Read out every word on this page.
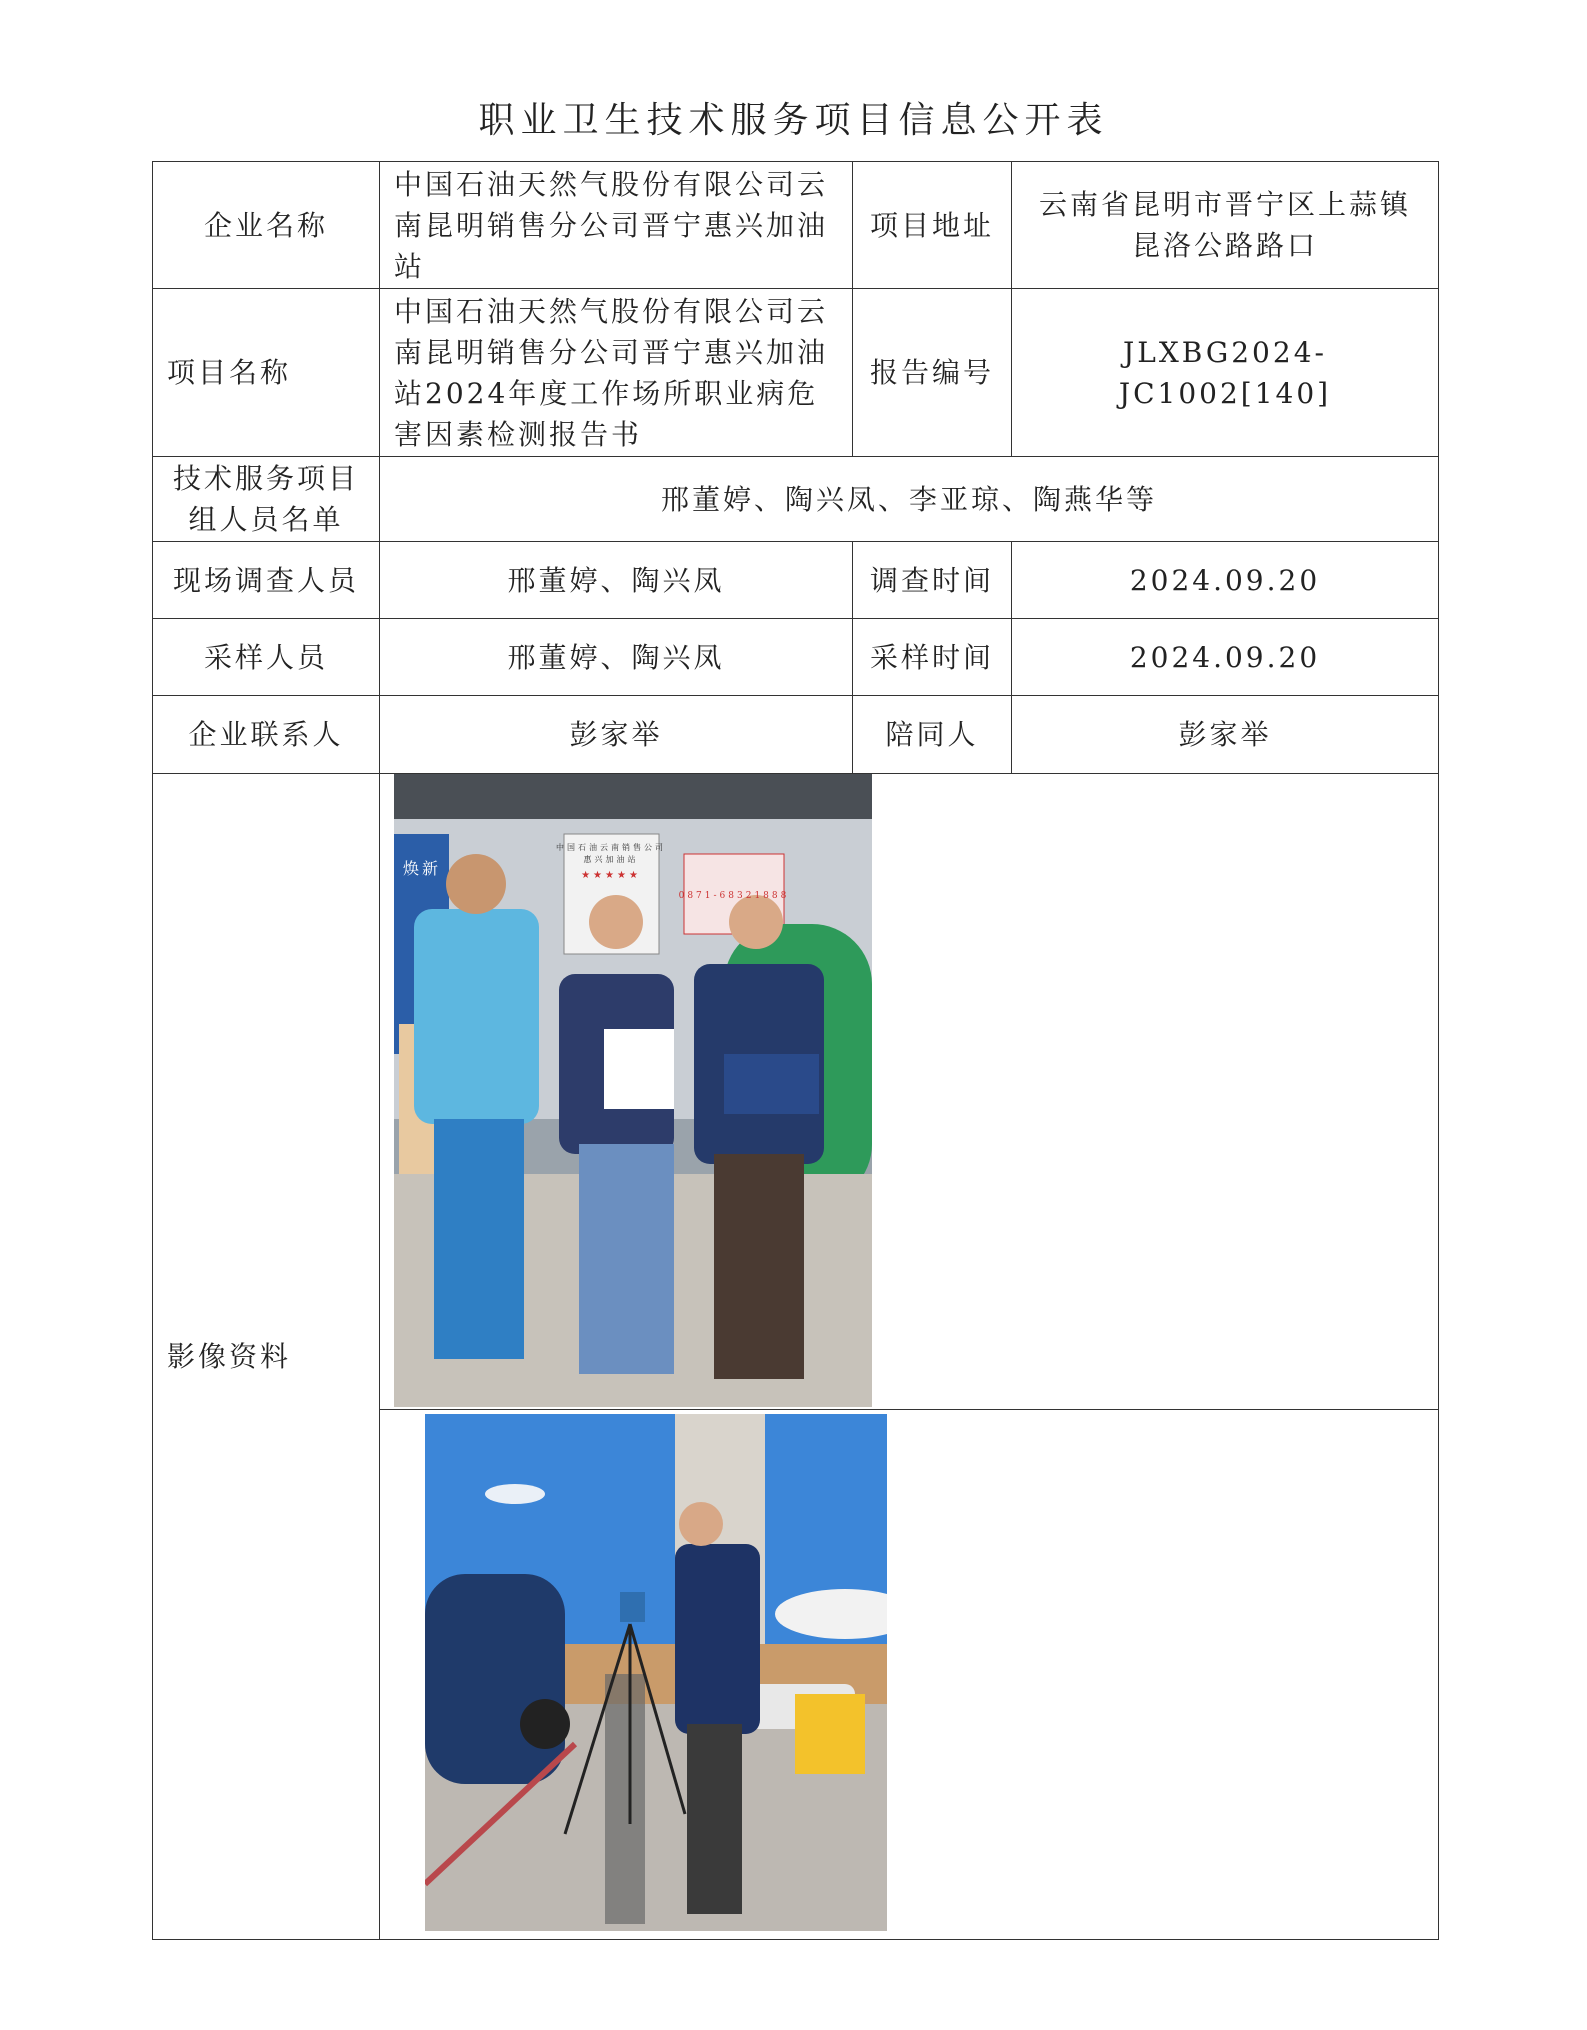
职业卫生技术服务项目信息公开表
企业名称	中国石油天然气股份有限公司云南昆明销售分公司晋宁惠兴加油站	项目地址	云南省昆明市晋宁区上蒜镇昆洛公路路口
项目名称	中国石油天然气股份有限公司云南昆明销售分公司晋宁惠兴加油站2024年度工作场所职业病危害因素检测报告书	报告编号	JLXBG2024-JC1002[140]
技术服务项目组人员名单	邢董婷、陶兴凤、李亚琼、陶燕华等		
现场调查人员	邢董婷、陶兴凤	调查时间	2024.09.20
采样人员	邢董婷、陶兴凤	采样时间	2024.09.20
企业联系人	彭家举	陪同人	彭家举
影像资料	中国石油云南销售公司
惠兴加油站
★★★★★
0871-68321888
焕新		
